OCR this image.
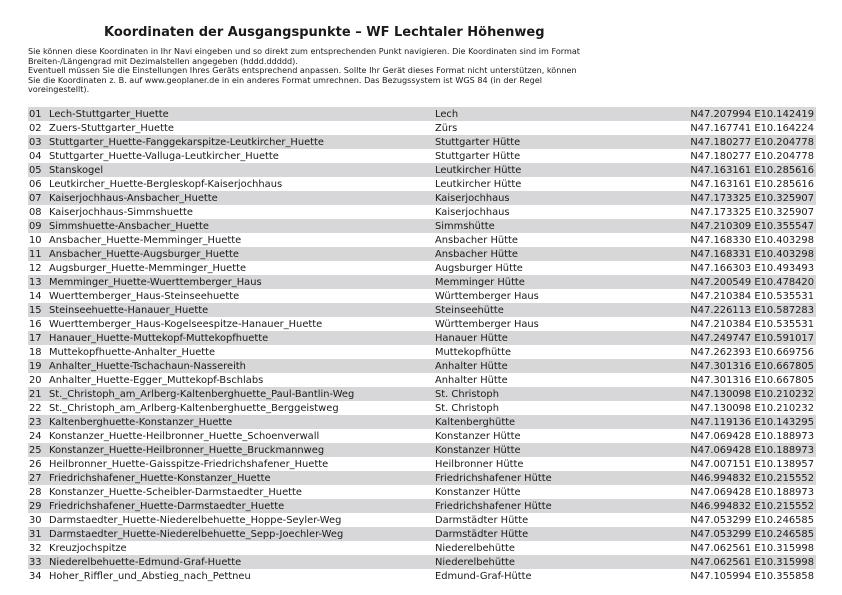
Koordinaten der Ausgangspunkte – WF Lechtaler Höhenweg

Sie können diese Koordinaten in Ihr Navi eingeben und so direkt zum entsprechenden Punkt navigieren. Die Koordinaten sind im Format Breiten-/Längengrad mit Dezimalstellen angegeben (hddd.ddddd).

Eventuell müssen Sie die Einstellungen Ihres Geräts entsprechend anpassen. Sollte Ihr Gerät dieses Format nicht unterstützen, können Sie die Koordinaten z. B. auf www.geoplaner.de in ein anderes Format umrechnen. Das Bezugssystem ist WGS 84 (in der Regel voreingestellt).

01 Lech-Stuttgarter_Huette	Lech	N47.207994 E10.142419
02 Zuers-Stuttgarter_Huette	Zürs	N47.167741 E10.164224
03 Stuttgarter_Huette-Fanggekarspitze-Leutkircher_Huette	Stuttgarter Hütte	N47.180277 E10.204778
04 Stuttgarter_Huette-Valluga-Leutkircher_Huette	Stuttgarter Hütte	N47.180277 E10.204778
05 Stanskogel	Leutkircher Hütte	N47.163161 E10.285616
06 Leutkircher_Huette-Bergleskopf-Kaiserjochhaus	Leutkircher Hütte	N47.163161 E10.285616
07 Kaiserjochhaus-Ansbacher_Huette	Kaiserjochhaus	N47.173325 E10.325907
08 Kaiserjochhaus-Simmshuette	Kaiserjochhaus	N47.173325 E10.325907
09 Simmshuette-Ansbacher_Huette	Simmshütte	N47.210309 E10.355547
10 Ansbacher_Huette-Memminger_Huette	Ansbacher Hütte	N47.168330 E10.403298
11 Ansbacher_Huette-Augsburger_Huette	Ansbacher Hütte	N47.168331 E10.403298
12 Augsburger_Huette-Memminger_Huette	Augsburger Hütte	N47.166303 E10.493493
13 Memminger_Huette-Wuerttemberger_Haus	Memminger Hütte	N47.200549 E10.478420
14 Wuerttemberger_Haus-Steinseehuette	Württemberger Haus	N47.210384 E10.535531
15 Steinseehuette-Hanauer_Huette	Steinseehütte	N47.226113 E10.587283
16 Wuerttemberger_Haus-Kogelseespitze-Hanauer_Huette	Württemberger Haus	N47.210384 E10.535531
17 Hanauer_Huette-Muttekopf-Muttekopfhuette	Hanauer Hütte	N47.249747 E10.591017
18 Muttekopfhuette-Anhalter_Huette	Muttekopfhütte	N47.262393 E10.669756
19 Anhalter_Huette-Tschachaun-Nassereith	Anhalter Hütte	N47.301316 E10.667805
20 Anhalter_Huette-Egger_Muttekopf-Bschlabs	Anhalter Hütte	N47.301316 E10.667805
21 St._Christoph_am_Arlberg-Kaltenberghuette_Paul-Bantlin-Weg	St. Christoph	N47.130098 E10.210232
22 St._Christoph_am_Arlberg-Kaltenberghuette_Berggeistweg	St. Christoph	N47.130098 E10.210232
23 Kaltenberghuette-Konstanzer_Huette	Kaltenberghütte	N47.119136 E10.143295
24 Konstanzer_Huette-Heilbronner_Huette_Schoenverwall	Konstanzer Hütte	N47.069428 E10.188973
25 Konstanzer_Huette-Heilbronner_Huette_Bruckmannweg	Konstanzer Hütte	N47.069428 E10.188973
26 Heilbronner_Huette-Gaisspitze-Friedrichshafener_Huette	Heilbronner Hütte	N47.007151 E10.138957
27 Friedrichshafener_Huette-Konstanzer_Huette	Friedrichshafener Hütte	N46.994832 E10.215552
28 Konstanzer_Huette-Scheibler-Darmstaedter_Huette	Konstanzer Hütte	N47.069428 E10.188973
29 Friedrichshafener_Huette-Darmstaedter_Huette	Friedrichshafener Hütte	N46.994832 E10.215552
30 Darmstaedter_Huette-Niederelbehuette_Hoppe-Seyler-Weg	Darmstädter Hütte	N47.053299 E10.246585
31 Darmstaedter_Huette-Niederelbehuette_Sepp-Joechler-Weg	Darmstädter Hütte	N47.053299 E10.246585
32 Kreuzjochspitze	Niederelbehütte	N47.062561 E10.315998
33 Niederelbehuette-Edmund-Graf-Huette	Niederelbehütte	N47.062561 E10.315998
34 Hoher_Riffler_und_Abstieg_nach_Pettneu	Edmund-Graf-Hütte	N47.105994 E10.355858
